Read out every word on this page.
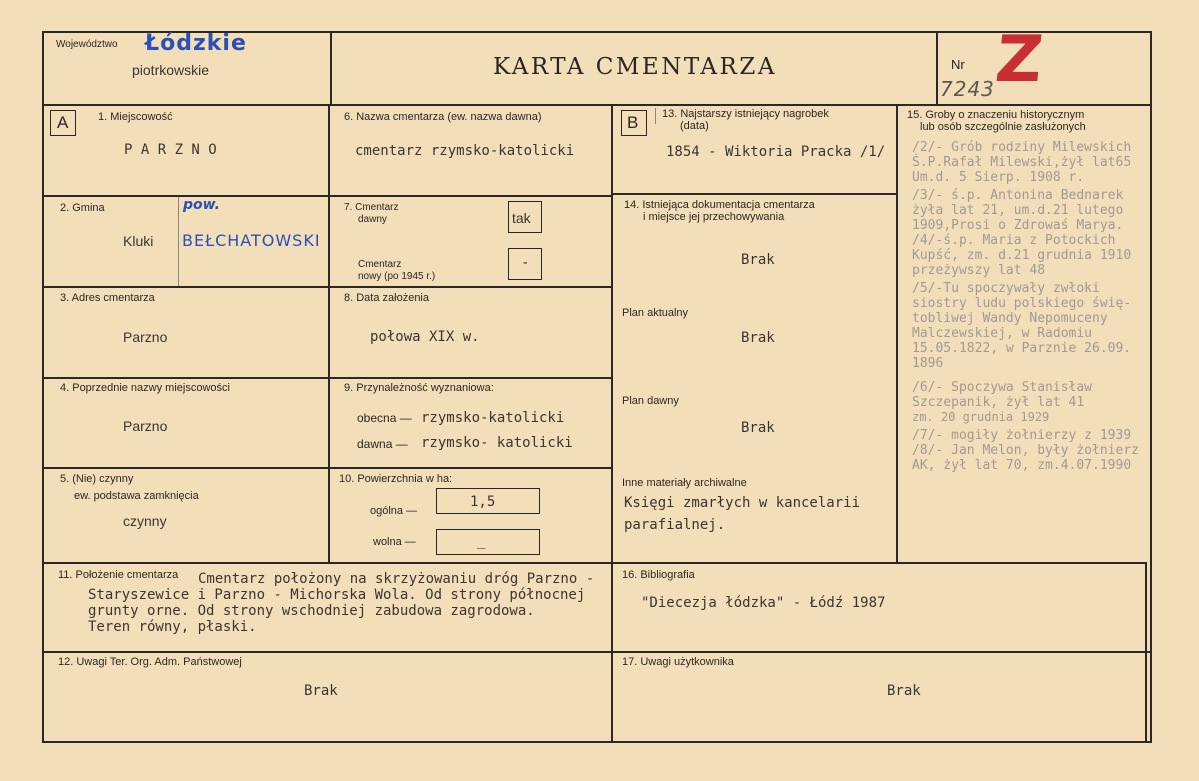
Województwo Łódzkie
piotrkowskie	KARTA CMENTARZA	Nr
7243
Z
A	1. Miejscowość
P A R Z N O
2. Gmina
Kluki
pow.
BEŁCHATOWSKI
3. Adres cmentarza
Parzno
4. Poprzednie nazwy miejscowości
Parzno
5. (Nie) czynny
ew. podstawa zamknięcia
czynny
6. Nazwa cmentarza (ew. nazwa dawna)
cmentarz rzymsko-katolicki
7. Cmentarz
dawny	tak
Cmentarz
nowy (po 1945 r.)
-
8. Data założenia
połowa XIX w.
9. Przynależność wyznaniowa:
obecna — rzymsko-katolicki
dawna — rzymsko- katolicki
10. Powierzchnia w ha:
ogólna —
1,5
wolna —	_
B 13. Najstarszy istniejący nagrobek
(data)
1854 - Wiktoria Pracka /1/
14. Istniejąca dokumentacja cmentarza
i miejsce jej przechowywania
Brak
Plan aktualny
Brak
Plan dawny
Brak
Inne materiały archiwalne
Księgi zmarłych w kancelarii
parafialnej.
15. Groby o znaczeniu historycznym
lub osób szczególnie zasłużonych
/2/- Grób rodziny Milewskich
Ś.P.Rafał Milewski,żył lat65
Um.d. 5 Sierp. 1908 r.
/3/- ś.p. Antonina Bednarek
żyła lat 21, um.d.21 lutego
1909,Prosi o Zdrowaś Marya.
/4/-ś.p. Maria z Potockich
Kupść, zm. d.21 grudnia 1910
przeżywszy lat 48
/5/-Tu spoczywały zwłoki
siostry ludu polskiego świę-
tobliwej Wandy Nepomuceny
Malczewskiej, w Radomiu
15.05.1822, w Parznie 26.09.
1896
/6/- Spoczywa Stanisław
Szczepanik, żył lat 41
zm. 20 grudnia 1929
/7/- mogiły żołnierzy z 1939
/8/- Jan Melon, były żołnierz
AK, żył lat 70, zm.4.07.1990
11. Położenie cmentarza Cmentarz położony na skrzyżowaniu dróg Parzno -
Staryszewice i Parzno - Michorska Wola. Od strony północnej
grunty orne. Od strony wschodniej zabudowa zagrodowa.
Teren równy, płaski.
16. Bibliografia
"Diecezja łódzka" - Łódź 1987
12. Uwagi Ter. Org. Adm. Państwowej
Brak
17. Uwagi użytkownika
Brak
